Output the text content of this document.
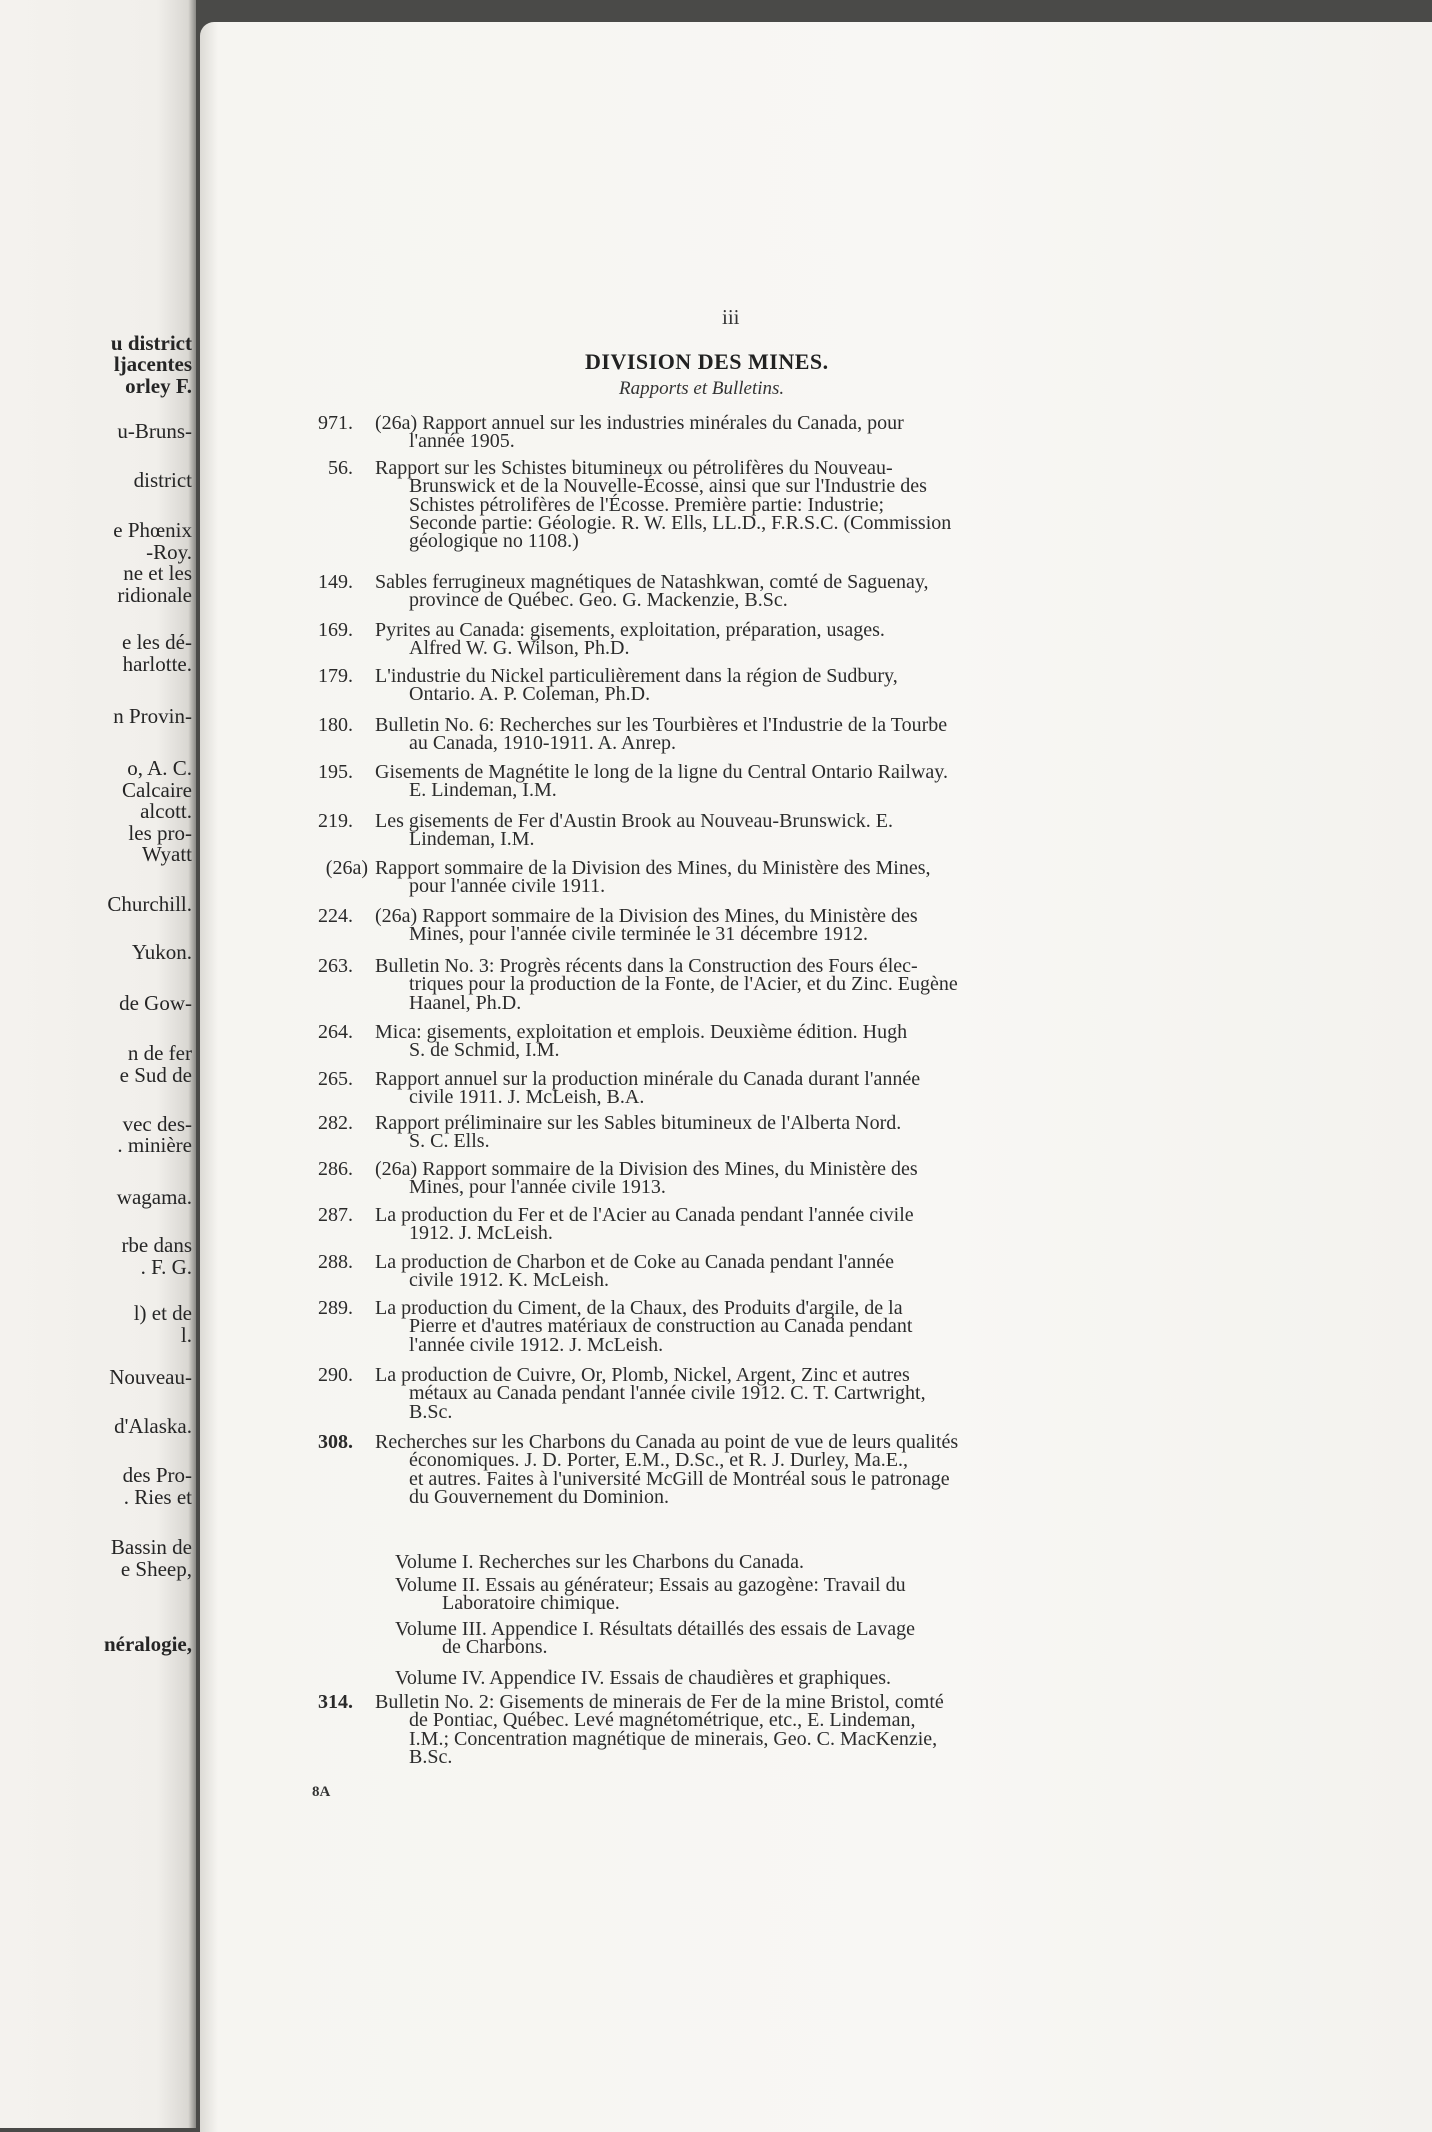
u district
ljacentes
orley F.
u-Bruns-
district
e Phœnix
-Roy.
ne et les
ridionale
e les dé-
harlotte.
n Provin-
o, A. C.
Calcaire
alcott.
les pro-
Wyatt
Churchill.
Yukon.
de Gow-
n de fer
e Sud de
vec des-
. minière
wagama.
rbe dans
. F. G.
l) et de
l.
Nouveau-
d'Alaska.
des Pro-
. Ries et
Bassin de
e Sheep,
néralogie,
iii
DIVISION DES MINES.
Rapports et Bulletins.
971. (26a) Rapport annuel sur les industries minérales du Canada, pour
l'année 1905.
56. Rapport sur les Schistes bitumineux ou pétrolifères du Nouveau-
Brunswick et de la Nouvelle-Écosse, ainsi que sur l'Industrie des
Schistes pétrolifères de l'Écosse. Première partie: Industrie;
Seconde partie: Géologie. R. W. Ells, LL.D., F.R.S.C. (Commission
géologique no 1108.)
149. Sables ferrugineux magnétiques de Natashkwan, comté de Saguenay,
province de Québec. Geo. G. Mackenzie, B.Sc.
169. Pyrites au Canada: gisements, exploitation, préparation, usages.
Alfred W. G. Wilson, Ph.D.
179. L'industrie du Nickel particulièrement dans la région de Sudbury,
Ontario. A. P. Coleman, Ph.D.
180. Bulletin No. 6: Recherches sur les Tourbières et l'Industrie de la Tourbe
au Canada, 1910-1911. A. Anrep.
195. Gisements de Magnétite le long de la ligne du Central Ontario Railway.
E. Lindeman, I.M.
219. Les gisements de Fer d'Austin Brook au Nouveau-Brunswick. E.
Lindeman, I.M.
(26a) Rapport sommaire de la Division des Mines, du Ministère des Mines,
pour l'année civile 1911.
224. (26a) Rapport sommaire de la Division des Mines, du Ministère des
Mines, pour l'année civile terminée le 31 décembre 1912.
263. Bulletin No. 3: Progrès récents dans la Construction des Fours élec-
triques pour la production de la Fonte, de l'Acier, et du Zinc. Eugène
Haanel, Ph.D.
264. Mica: gisements, exploitation et emplois. Deuxième édition. Hugh
S. de Schmid, I.M.
265. Rapport annuel sur la production minérale du Canada durant l'année
civile 1911. J. McLeish, B.A.
282. Rapport préliminaire sur les Sables bitumineux de l'Alberta Nord.
S. C. Ells.
286. (26a) Rapport sommaire de la Division des Mines, du Ministère des
Mines, pour l'année civile 1913.
287. La production du Fer et de l'Acier au Canada pendant l'année civile
1912. J. McLeish.
288. La production de Charbon et de Coke au Canada pendant l'année
civile 1912. K. McLeish.
289. La production du Ciment, de la Chaux, des Produits d'argile, de la
Pierre et d'autres matériaux de construction au Canada pendant
l'année civile 1912. J. McLeish.
290. La production de Cuivre, Or, Plomb, Nickel, Argent, Zinc et autres
métaux au Canada pendant l'année civile 1912. C. T. Cartwright,
B.Sc.
308. Recherches sur les Charbons du Canada au point de vue de leurs qualités
économiques. J. D. Porter, E.M., D.Sc., et R. J. Durley, Ma.E.,
et autres. Faites à l'université McGill de Montréal sous le patronage
du Gouvernement du Dominion.
Volume I. Recherches sur les Charbons du Canada.
Volume II. Essais au générateur; Essais au gazogène: Travail du
Laboratoire chimique.
Volume III. Appendice I. Résultats détaillés des essais de Lavage
de Charbons.
Volume IV. Appendice IV. Essais de chaudières et graphiques.
314. Bulletin No. 2: Gisements de minerais de Fer de la mine Bristol, comté
de Pontiac, Québec. Levé magnétométrique, etc., E. Lindeman,
I.M.; Concentration magnétique de minerais, Geo. C. MacKenzie,
B.Sc.
8A
